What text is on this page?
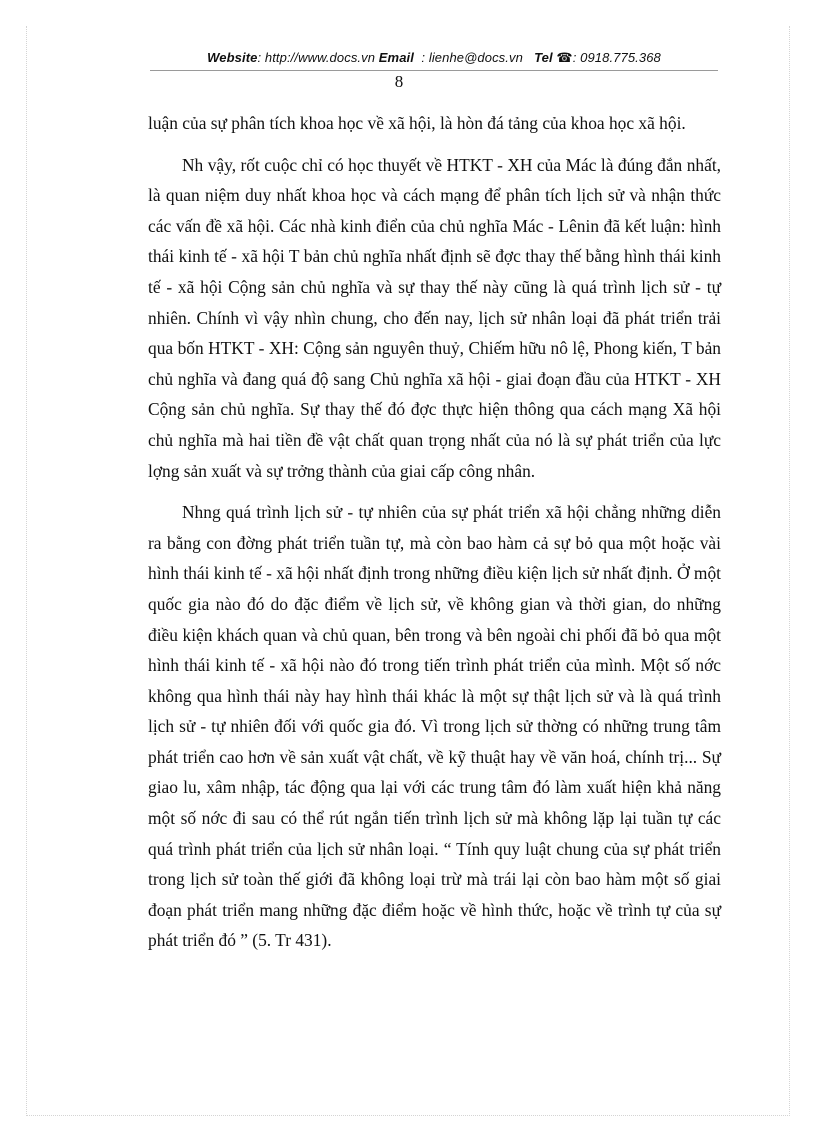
Website: http://www.docs.vn Email : lienhe@docs.vn Tel ☎: 0918.775.368
8

luận của sự phân tích khoa học về xã hội, là hòn đá tảng của khoa học xã hội.

Nh vậy, rốt cuộc chỉ có học thuyết về HTKT - XH của Mác là đúng đắn nhất, là quan niệm duy nhất khoa học và cách mạng để phân tích lịch sử và nhận thức các vấn đề xã hội. Các nhà kinh điển của chủ nghĩa Mác - Lênin đã kết luận: hình thái kinh tế - xã hội T bản chủ nghĩa nhất định sẽ đợc thay thế bằng hình thái kinh tế - xã hội Cộng sản chủ nghĩa và sự thay thế này cũng là quá trình lịch sử - tự nhiên. Chính vì vậy nhìn chung, cho đến nay, lịch sử nhân loại đã phát triển trải qua bốn HTKT - XH: Cộng sản nguyên thuỷ, Chiếm hữu nô lệ, Phong kiến, T bản chủ nghĩa và đang quá độ sang Chủ nghĩa xã hội - giai đoạn đầu của HTKT - XH Cộng sản chủ nghĩa. Sự thay thế đó đợc thực hiện thông qua cách mạng Xã hội chủ nghĩa mà hai tiền đề vật chất quan trọng nhất của nó là sự phát triển của lực lợng sản xuất và sự trởng thành của giai cấp công nhân.

Nhng quá trình lịch sử - tự nhiên của sự phát triển xã hội chẳng những diễn ra bằng con đờng phát triển tuần tự, mà còn bao hàm cả sự bỏ qua một hoặc vài hình thái kinh tế - xã hội nhất định trong những điều kiện lịch sử nhất định. Ở một quốc gia nào đó do đặc điểm về lịch sử, về không gian và thời gian, do những điều kiện khách quan và chủ quan, bên trong và bên ngoài chi phối đã bỏ qua một hình thái kinh tế - xã hội nào đó trong tiến trình phát triển của mình. Một số nớc không qua hình thái này hay hình thái khác là một sự thật lịch sử và là quá trình lịch sử - tự nhiên đối với quốc gia đó. Vì trong lịch sử thờng có những trung tâm phát triển cao hơn về sản xuất vật chất, về kỹ thuật hay về văn hoá, chính trị... Sự giao lu, xâm nhập, tác động qua lại với các trung tâm đó làm xuất hiện khả năng một số nớc đi sau có thể rút ngắn tiến trình lịch sử mà không lặp lại tuần tự các quá trình phát triển của lịch sử nhân loại. “ Tính quy luật chung của sự phát triển trong lịch sử toàn thế giới đã không loại trừ mà trái lại còn bao hàm một số giai đoạn phát triển mang những đặc điểm hoặc về hình thức, hoặc về trình tự của sự phát triển đó ” (5. Tr 431).
